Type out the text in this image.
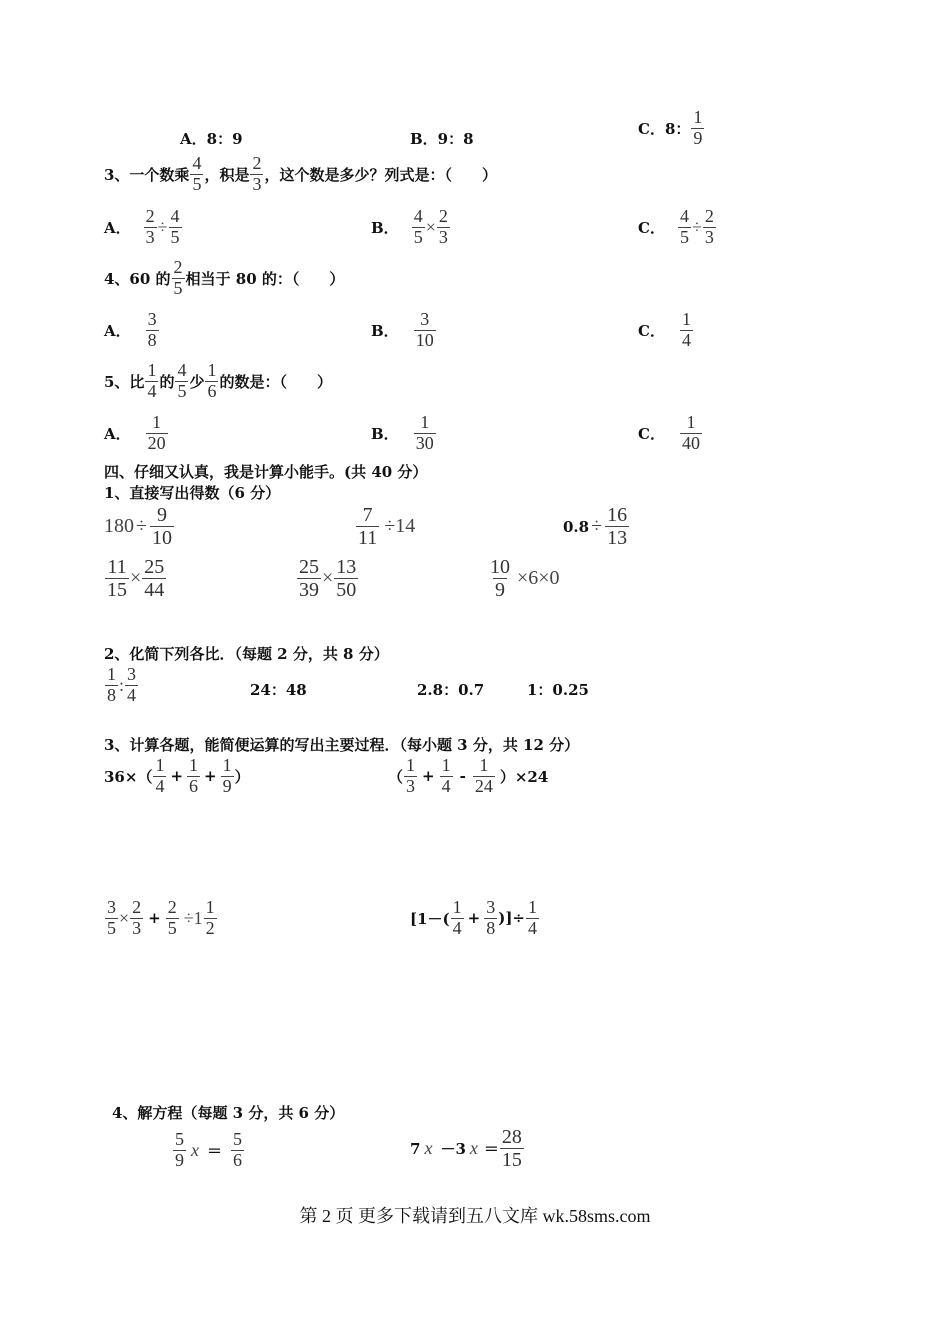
A．8：9	B．9：8
C．8： $\frac{1}{9}$
3、一个数乘 $\frac{4}{5}$ ，积是 $\frac{2}{3}$ ，这个数是多少？列式是：（　　）
A． $\frac{2}{3} \div \frac{4}{5}$	B． $\frac{4}{5} \times \frac{2}{3}$	C． $\frac{4}{5} \div \frac{2}{3}$
4、60 的 $\frac{2}{5}$ 相当于 80 的：（　　）
A． $\frac{3}{8}$	B． $\frac{3}{10}$	C． $\frac{1}{4}$
5、比 $\frac{1}{4}$ 的 $\frac{4}{5}$ 少 $\frac{1}{6}$ 的数是：（　　）
A． $\frac{1}{20}$	B． $\frac{1}{30}$	C． $\frac{1}{40}$
四、仔细又认真，我是计算小能手。(共 40 分）
1、直接写出得数（6 分）
$180 \div \frac{9}{10}$	$\frac{7}{11} \div 14$	$0.8 \div \frac{16}{13}$
$\frac{11}{15} \times \frac{25}{44}$	$\frac{25}{39} \times \frac{13}{50}$	$\frac{10}{9} \times 6\times 0$
2、化简下列各比．（每题 2 分，共 8 分）
$\frac{1}{8}$ : $\frac{3}{4}$	24：48	2.8：0.7	1：0.25
3、计算各题，能简便运算的写出主要过程．（每小题 3 分，共 12 分）
$36\times( \frac{1}{4} + \frac{1}{6} + \frac{1}{9}$ ）	（ $\frac{1}{3} + \frac{1}{4} - \frac{1}{24} )\times 24$
$\frac{3}{5} \times \frac{2}{3} + \frac{2}{5} \div 1 \frac{1}{2}$	[$1-( \frac{1}{4} + \frac{3}{8}$ )]÷ $\frac{1}{4}$
4、解方程（每题 3 分，共 6 分）
$\frac{5}{9}$ $x = \frac{5}{6}$	7 x －3 $x = \frac{28}{15}$
第 2 页 更多下载请到五八文库 wk.58sms.com
